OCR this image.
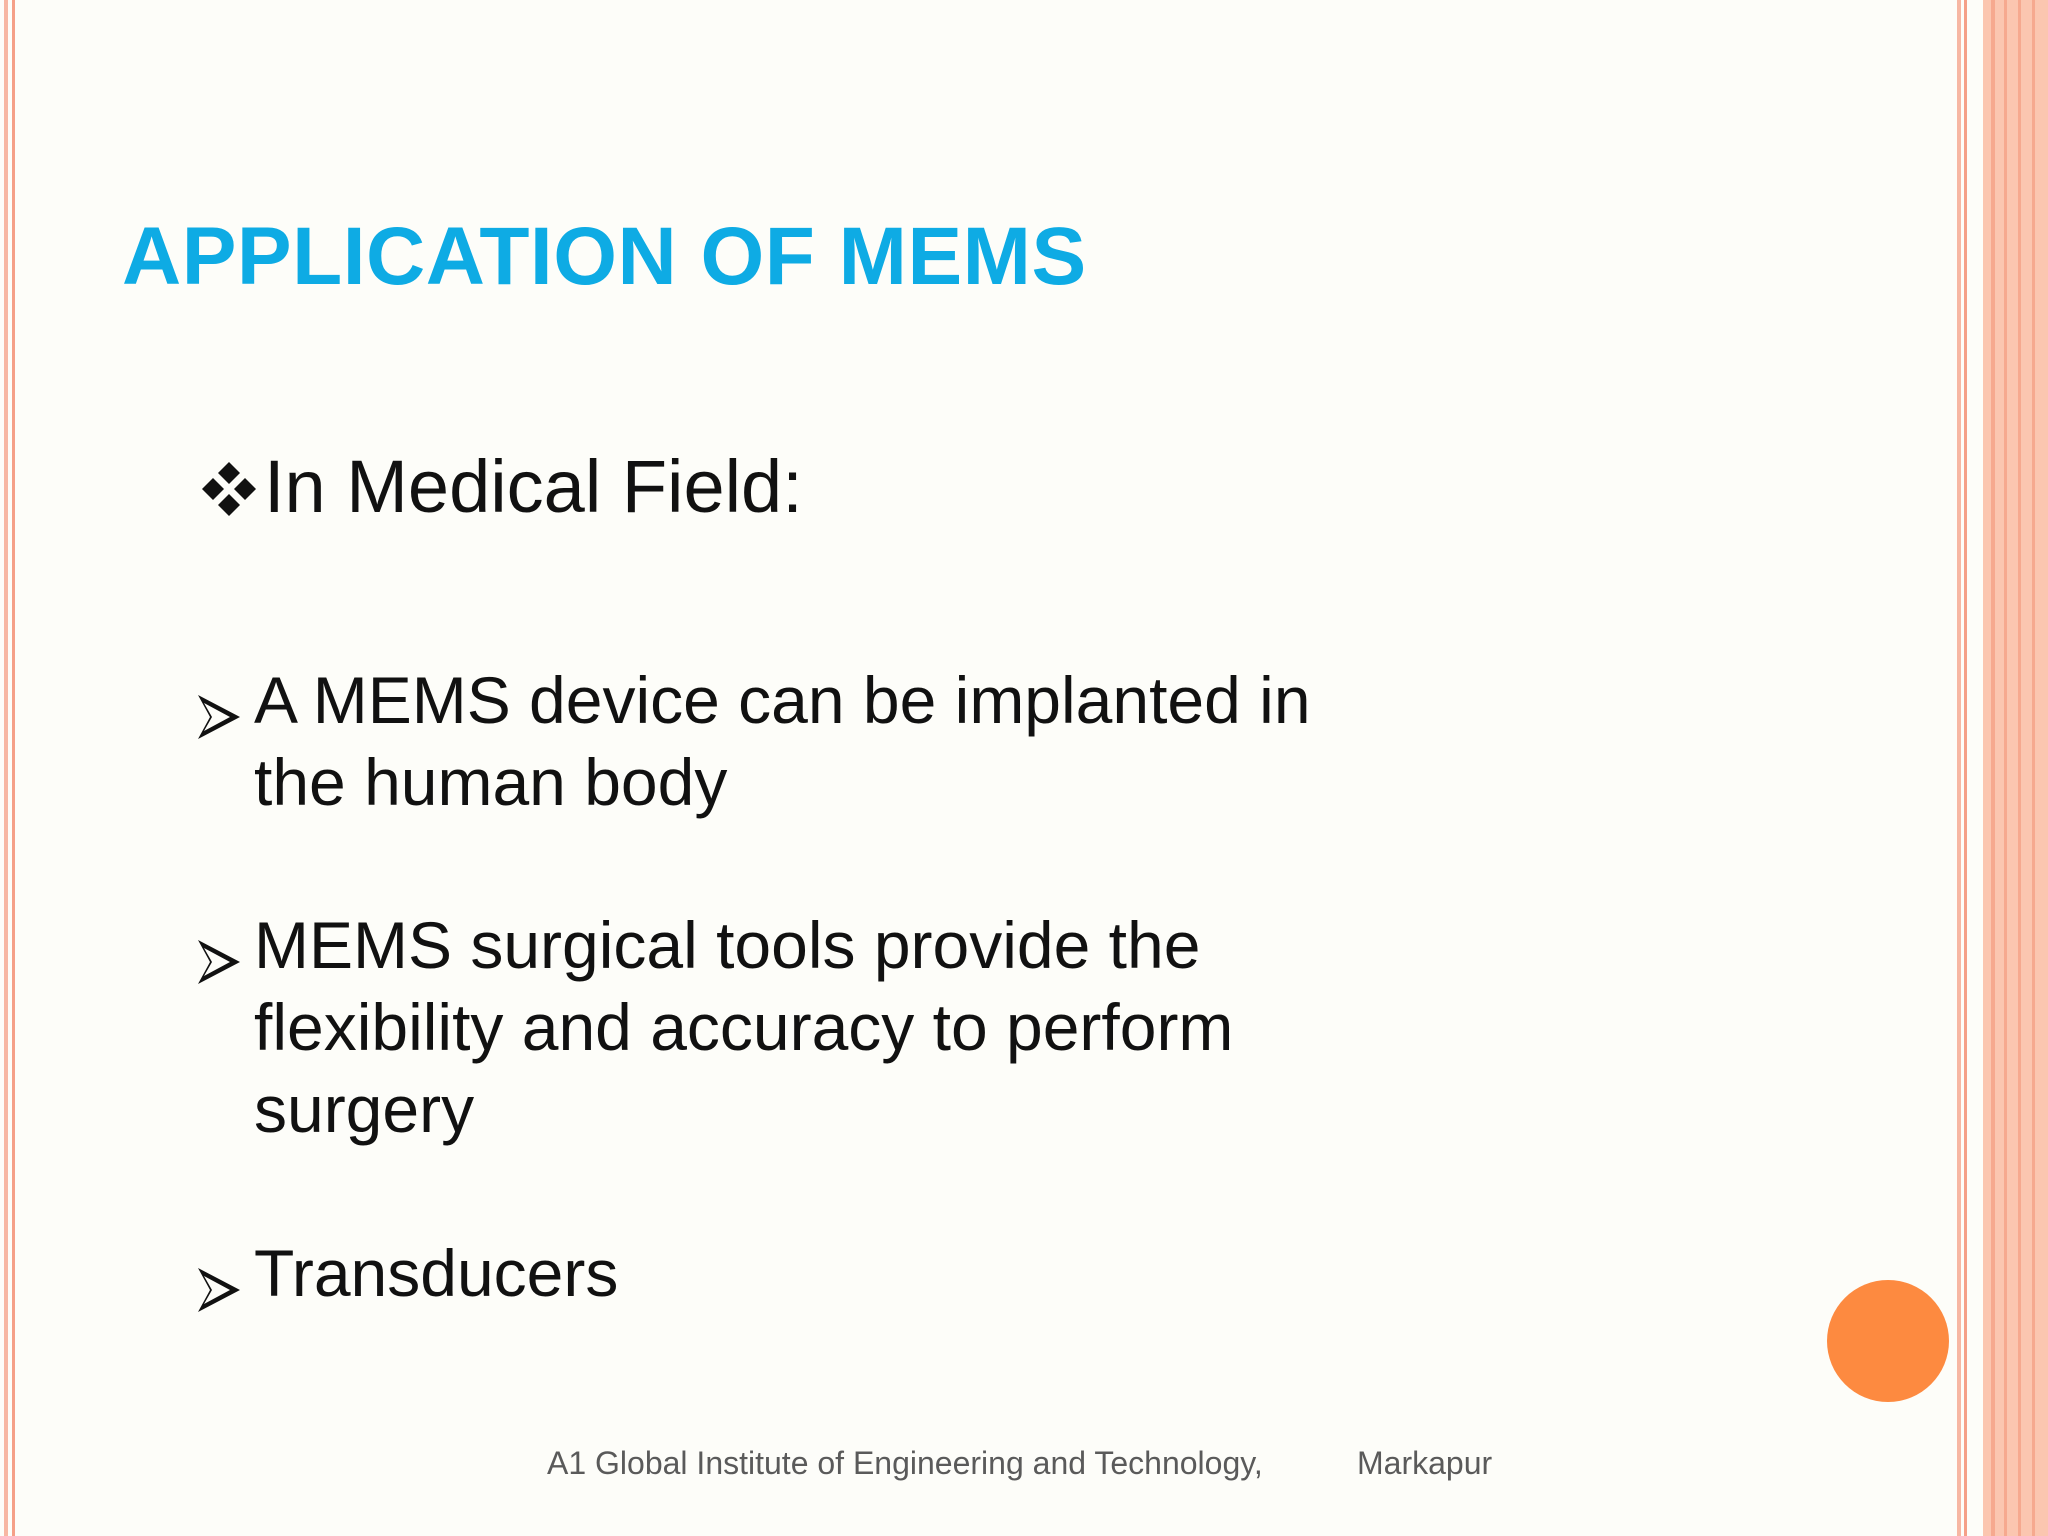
APPLICATION OF MEMS
In Medical Field:
A MEMS device can be implanted in
the human body
MEMS surgical tools provide the
flexibility and accuracy to perform
surgery
Transducers
A1 Global Institute of Engineering and Technology,	Markapur
